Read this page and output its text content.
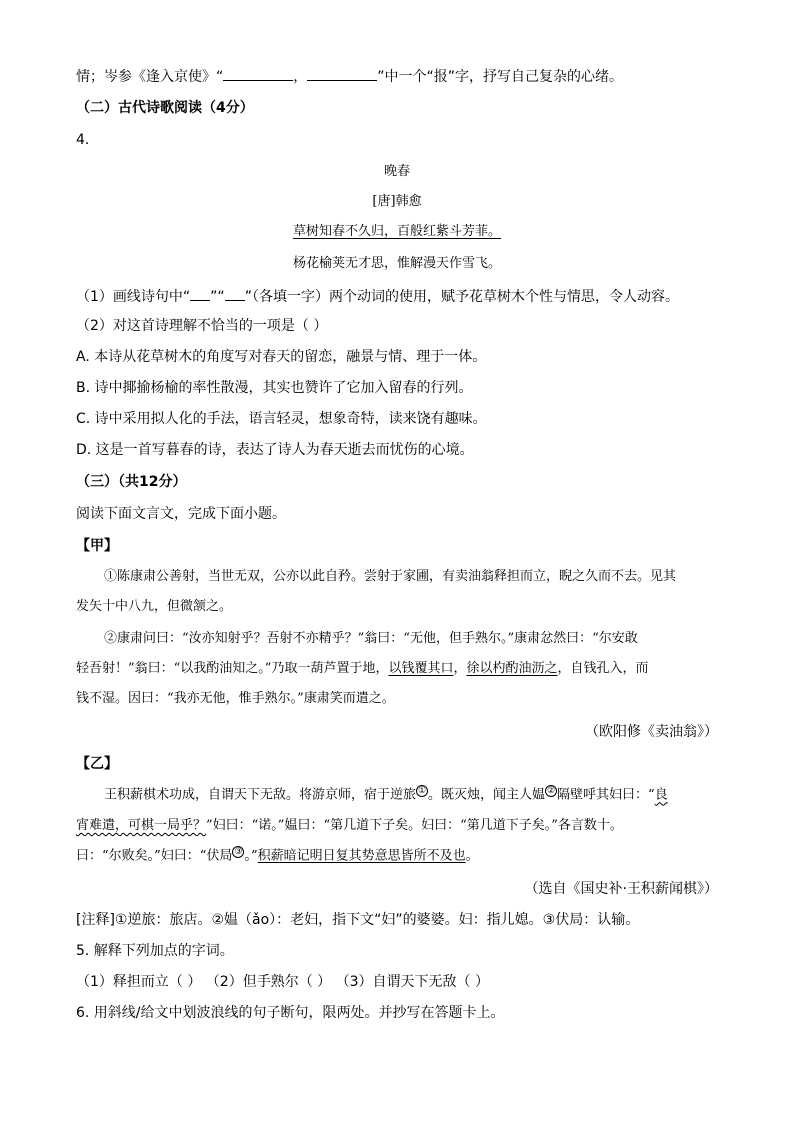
情；岑参《逢入京使》“	，	”中一个“报”字，抒写自己复杂的心绪。
（二）古代诗歌阅读（4分）
4.
晚春
[唐]韩愈
草树知春不久归，百般红紫斗芳菲。
杨花榆荚无才思，惟解漫天作雪飞。
（1）画线诗句中“ ”“ ”（各填一字）两个动词的使用，赋予花草树木个性与情思，令人动容。
（2）对这首诗理解不恰当的一项是（ ）
A. 本诗从花草树木的角度写对春天的留恋，融景与情、理于一体。
B. 诗中揶揄杨榆的率性散漫，其实也赞许了它加入留春的行列。
C. 诗中采用拟人化的手法，语言轻灵，想象奇特，读来饶有趣味。
D. 这是一首写暮春的诗，表达了诗人为春天逝去而忧伤的心境。
（三）（共12分）
阅读下面文言文，完成下面小题。
【甲】
①陈康肃公善射，当世无双，公亦以此自矜。尝射于家圃，有卖油翁释担而立，睨之久而不去。见其
发矢十中八九，但微颔之。
②康肃问曰：“汝亦知射乎？吾射不亦精乎？”翁曰：“无他，但手熟尔。”康肃忿然曰：“尔安敢
轻吾射！”翁曰：“以我酌油知之。”乃取一葫芦置于地，以钱覆其口，徐以杓酌油沥之，自钱孔入，而
钱不湿。因曰：“我亦无他，惟手熟尔。”康肃笑而遣之。
（欧阳修《卖油翁》）
【乙】
王积薪棋术功成，自谓天下无敌。将游京师，宿于逆旅 ① 。既灭烛，闻主人媪 ② 隔壁呼其妇曰：“良
宵难遣，可棋一局乎？”妇曰：“诺。”媪曰：“第几道下子矣。妇曰：“第几道下子矣。”各言数十。
曰：“尔败矣。”妇曰：“伏局 ③ 。”积薪暗记明日复其势意思皆所不及也。
（选自《国史补·王积薪闻棋》）
[注释]①逆旅：旅店。②媪（ǎo）：老妇，指下文“妇”的婆婆。妇：指儿媳。③伏局：认输。
5. 解释下列加点的字词。
（1）释担而立（ ） （2）但手熟尔（ ） （3）自谓天下无敌（ ）
6. 用斜线/给文中划波浪线的句子断句，限两处。并抄写在答题卡上。
